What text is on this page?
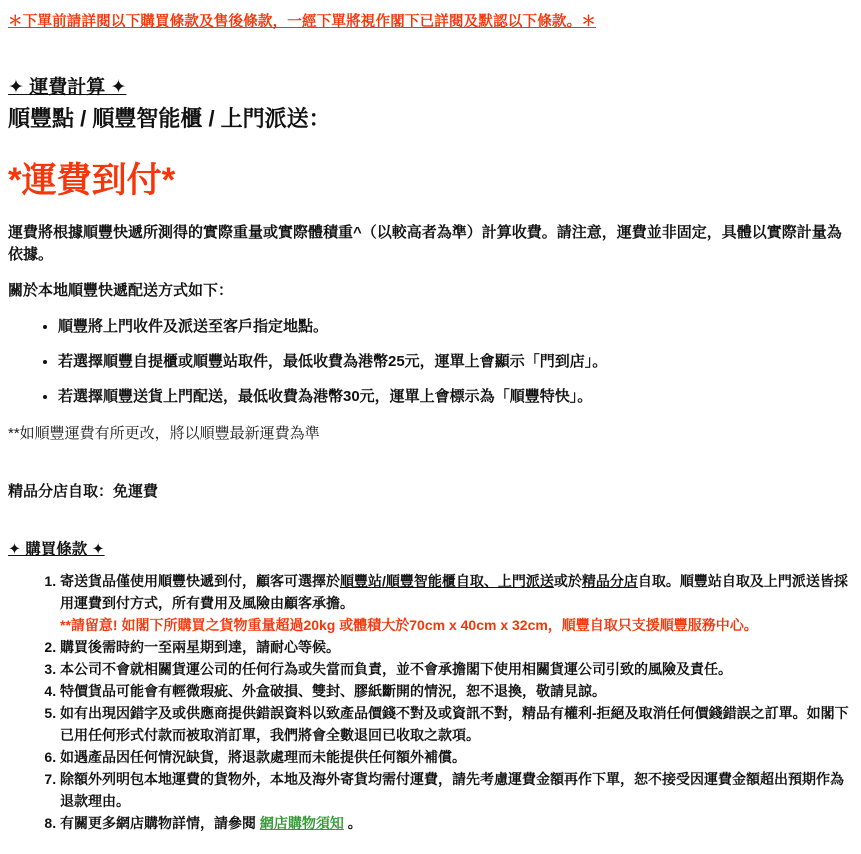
＊下單前請詳閱以下購買條款及售後條款，一經下單將視作閣下已詳閱及默認以下條款。＊
✦ 運費計算 ✦
順豐點 / 順豐智能櫃 / 上門派送：
*運費到付*

運費將根據順豐快遞所測得的實際重量或實際體積重^（以較高者為準）計算收費。請注意，運費並非固定，具體以實際計量為依據。

關於本地順豐快遞配送方式如下：

• 順豐將上門收件及派送至客戶指定地點。
• 若選擇順豐自提櫃或順豐站取件，最低收費為港幣25元，運單上會顯示「門到店」。
• 若選擇順豐送貨上門配送，最低收費為港幣30元，運單上會標示為「順豐特快」。

**如順豐運費有所更改，將以順豐最新運費為準

精品分店自取：免運費

✦ 購買條款 ✦
1. 寄送貨品僅使用順豐快遞到付，顧客可選擇於順豐站/順豐智能櫃自取、上門派送或於精品分店自取。順豐站自取及上門派送皆採用運費到付方式，所有費用及風險由顧客承擔。
**請留意! 如閣下所購買之貨物重量超過20kg 或體積大於70cm x 40cm x 32cm，順豐自取只支援順豐服務中心。
2. 購買後需時約一至兩星期到達，請耐心等候。
3. 本公司不會就相關貨運公司的任何行為或失當而負責，並不會承擔閣下使用相關貨運公司引致的風險及責任。
4. 特價貨品可能會有輕微瑕疵、外盒破損、雙封、膠紙斷開的情況，恕不退換，敬請見諒。
5. 如有出現因錯字及或供應商提供錯誤資料以致產品價錢不對及或資訊不對，精品有權利-拒絕及取消任何價錢錯誤之訂單。如閣下已用任何形式付款而被取消訂單，我們將會全數退回已收取之款項。
6. 如遇產品因任何情況缺貨，將退款處理而未能提供任何額外補償。
7. 除額外列明包本地運費的貨物外，本地及海外寄貨均需付運費，請先考慮運費金額再作下單，恕不接受因運費金額超出預期作為退款理由。
8. 有關更多網店購物詳情，請參閱 網店購物須知 。
